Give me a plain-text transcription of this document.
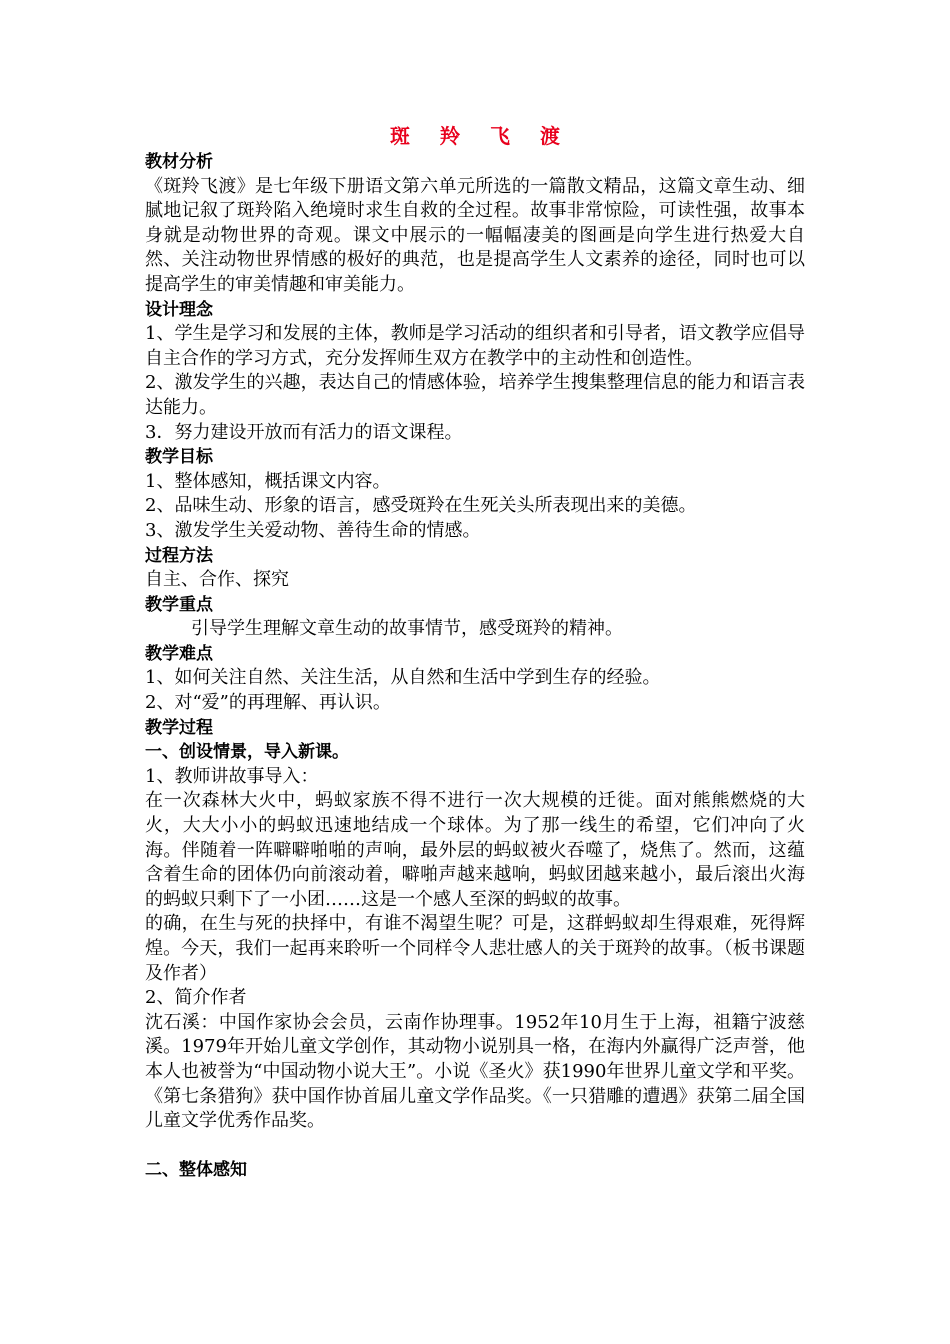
斑羚飞渡
教材分析
《斑羚飞渡》是七年级下册语文第六单元所选的一篇散文精品，这篇文章生动、细腻地记叙了斑羚陷入绝境时求生自救的全过程。故事非常惊险，可读性强，故事本身就是动物世界的奇观。课文中展示的一幅幅凄美的图画是向学生进行热爱大自然、关注动物世界情感的极好的典范，也是提高学生人文素养的途径，同时也可以提高学生的审美情趣和审美能力。
设计理念
1、学生是学习和发展的主体，教师是学习活动的组织者和引导者，语文教学应倡导自主合作的学习方式，充分发挥师生双方在教学中的主动性和创造性。
2、激发学生的兴趣，表达自己的情感体验，培养学生搜集整理信息的能力和语言表达能力。
3．努力建设开放而有活力的语文课程。
教学目标
1、整体感知，概括课文内容。
2、品味生动、形象的语言，感受斑羚在生死关头所表现出来的美德。
3、激发学生关爱动物、善待生命的情感。
过程方法
自主、合作、探究
教学重点
引导学生理解文章生动的故事情节，感受斑羚的精神。
教学难点
1、如何关注自然、关注生活，从自然和生活中学到生存的经验。
2、对“爱”的再理解、再认识。
教学过程
一、创设情景，导入新课。
1、教师讲故事导入：
在一次森林大火中，蚂蚁家族不得不进行一次大规模的迁徙。面对熊熊燃烧的大火，大大小小的蚂蚁迅速地结成一个球体。为了那一线生的希望，它们冲向了火海。伴随着一阵噼噼啪啪的声响，最外层的蚂蚁被火吞噬了，烧焦了。然而，这蕴含着生命的团体仍向前滚动着，噼啪声越来越响，蚂蚁团越来越小，最后滚出火海的蚂蚁只剩下了一小团……这是一个感人至深的蚂蚁的故事。
的确，在生与死的抉择中，有谁不渴望生呢？可是，这群蚂蚁却生得艰难，死得辉煌。今天，我们一起再来聆听一个同样令人悲壮感人的关于斑羚的故事。（板书课题及作者）
2、简介作者
沈石溪：中国作家协会会员，云南作协理事。1952年10月生于上海，祖籍宁波慈溪。1979年开始儿童文学创作，其动物小说别具一格，在海内外赢得广泛声誉，他本人也被誉为“中国动物小说大王”。小说《圣火》获1990年世界儿童文学和平奖。《第七条猎狗》获中国作协首届儿童文学作品奖。《一只猎雕的遭遇》获第二届全国儿童文学优秀作品奖。
二、整体感知
